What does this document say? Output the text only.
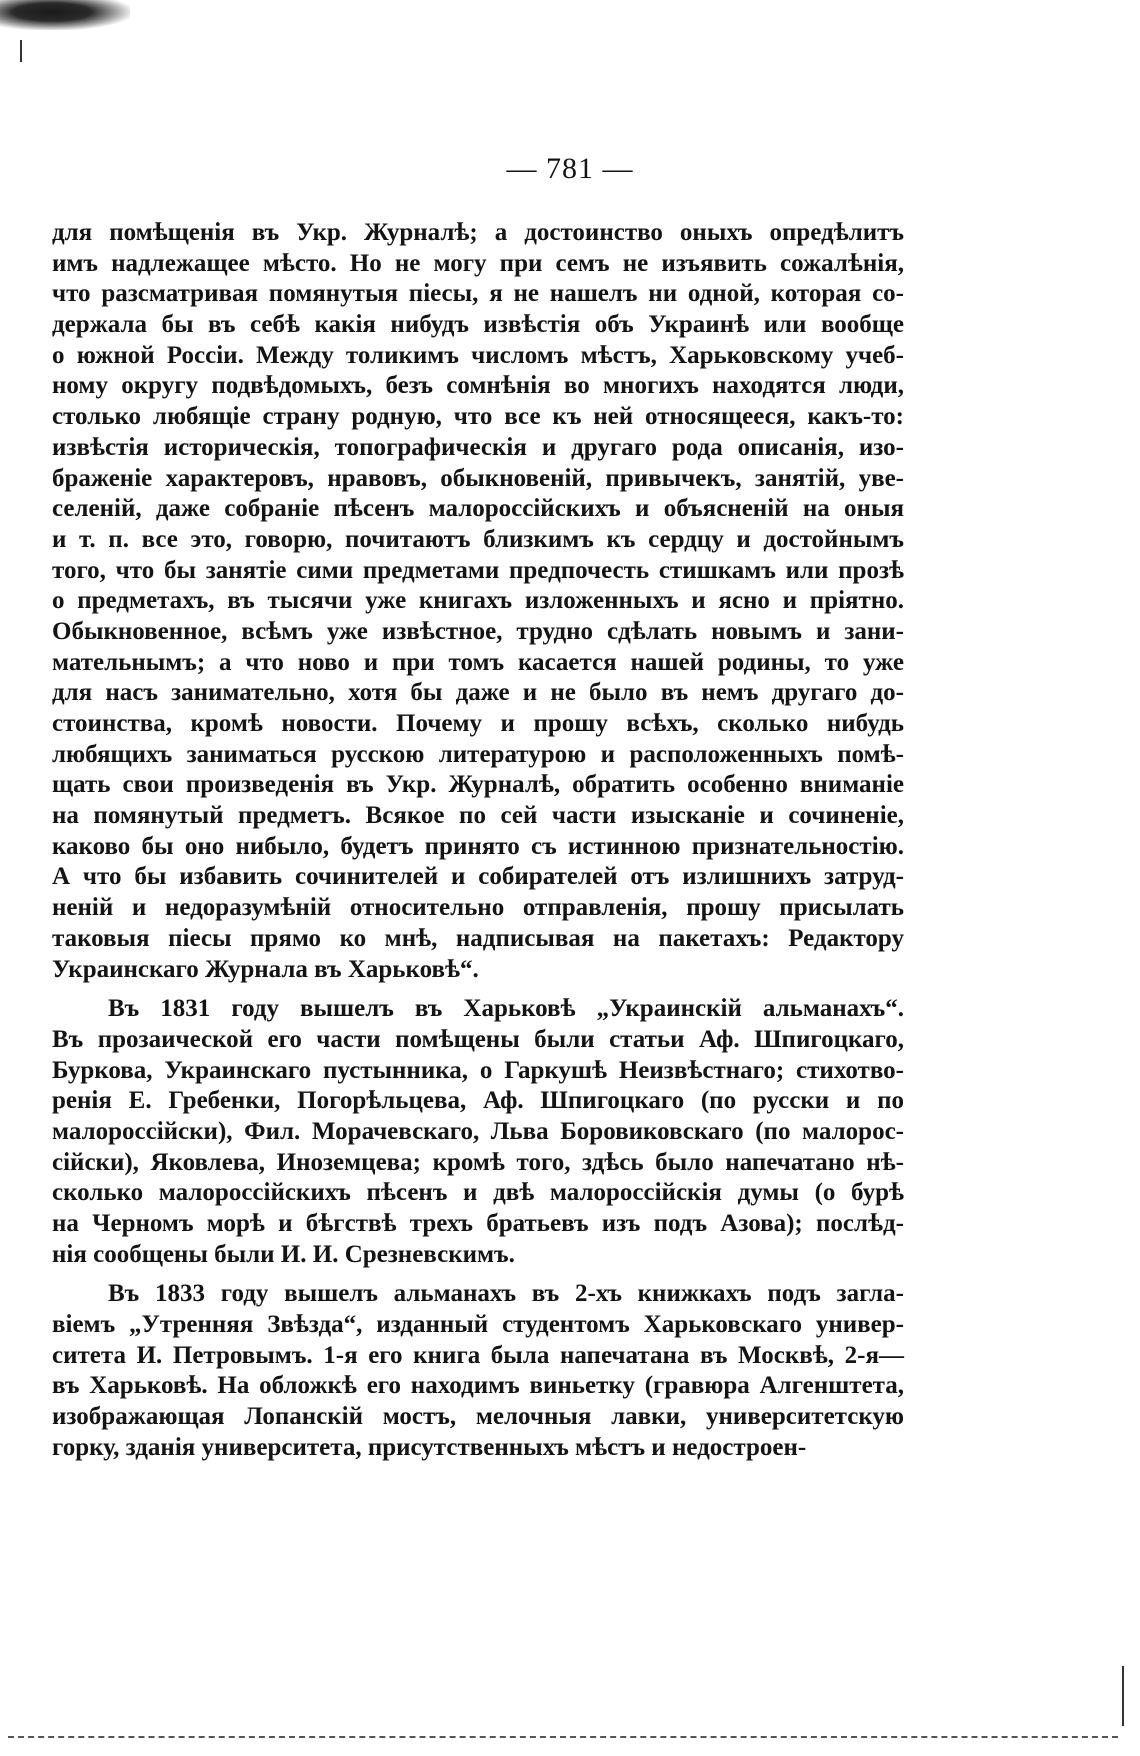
— 781 —
для помѣщенія въ Укр. Журналѣ; а достоинство оныхъ опредѣлитъ
имъ надлежащее мѣсто. Но не могу при семъ не изъявить сожалѣнія,
что разсматривая помянутыя піесы, я не нашелъ ни одной, которая со-
держала бы въ себѣ какія нибудъ извѣстія объ Украинѣ или вообще
о южной Россіи. Между толикимъ числомъ мѣстъ, Харьковскому учеб-
ному округу подвѣдомыхъ, безъ сомнѣнія во многихъ находятся люди,
столько любящіе страну родную, что все къ ней относящееся, какъ-то:
извѣстія историческія, топографическія и другаго рода описанія, изо-
браженіе характеровъ, нравовъ, обыкновеній, привычекъ, занятій, уве-
селеній, даже собраніе пѣсенъ малороссійскихъ и объясненій на оныя
и т. п. все это, говорю, почитаютъ близкимъ къ сердцу и достойнымъ
того, что бы занятіе сими предметами предпочесть стишкамъ или прозѣ
о предметахъ, въ тысячи уже книгахъ изложенныхъ и ясно и пріятно.
Обыкновенное, всѣмъ уже извѣстное, трудно сдѣлать новымъ и зани-
мательнымъ; а что ново и при томъ касается нашей родины, то уже
для насъ занимательно, хотя бы даже и не было въ немъ другаго до-
стоинства, кромѣ новости. Почему и прошу всѣхъ, сколько нибудь
любящихъ заниматься русскою литературою и расположенныхъ помѣ-
щать свои произведенія въ Укр. Журналѣ, обратить особенно вниманіе
на помянутый предметъ. Всякое по сей части изысканіе и сочиненіе,
каково бы оно нибыло, будетъ принято съ истинною признательностію.
А что бы избавить сочинителей и собирателей отъ излишнихъ затруд-
неній и недоразумѣній относительно отправленія, прошу присылать
таковыя піесы прямо ко мнѣ, надписывая на пакетахъ: Редактору
Украинскаго Журнала въ Харьковѣ“.
Въ 1831 году вышелъ въ Харьковѣ „Украинскій альманахъ“.
Въ прозаической его части помѣщены были статьи Аф. Шпигоцкаго,
Буркова, Украинскаго пустынника, о Гаркушѣ Неизвѣстнаго; стихотво-
ренія Е. Гребенки, Погорѣльцева, Аф. Шпигоцкаго (по русски и по
малороссійски), Фил. Морачевскаго, Льва Боровиковскаго (по малорос-
сійски), Яковлева, Иноземцева; кромѣ того, здѣсь было напечатано нѣ-
сколько малороссійскихъ пѣсенъ и двѣ малороссійскія думы (о бурѣ
на Черномъ морѣ и бѣгствѣ трехъ братьевъ изъ подъ Азова); послѣд-
нія сообщены были И. И. Срезневскимъ.
Въ 1833 году вышелъ альманахъ въ 2-хъ книжкахъ подъ загла-
віемъ „Утренняя Звѣзда“, изданный студентомъ Харьковскаго универ-
ситета И. Петровымъ. 1-я его книга была напечатана въ Москвѣ, 2-я—
въ Харьковѣ. На обложкѣ его находимъ виньетку (гравюра Алгенштета,
изображающая Лопанскій мостъ, мелочныя лавки, университетскую
горку, зданія университета, присутственныхъ мѣстъ и недостроен-
